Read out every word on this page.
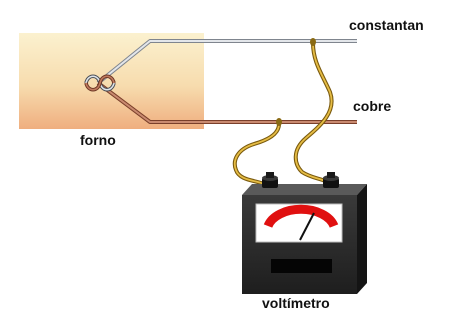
constantan
cobre
forno
voltímetro
